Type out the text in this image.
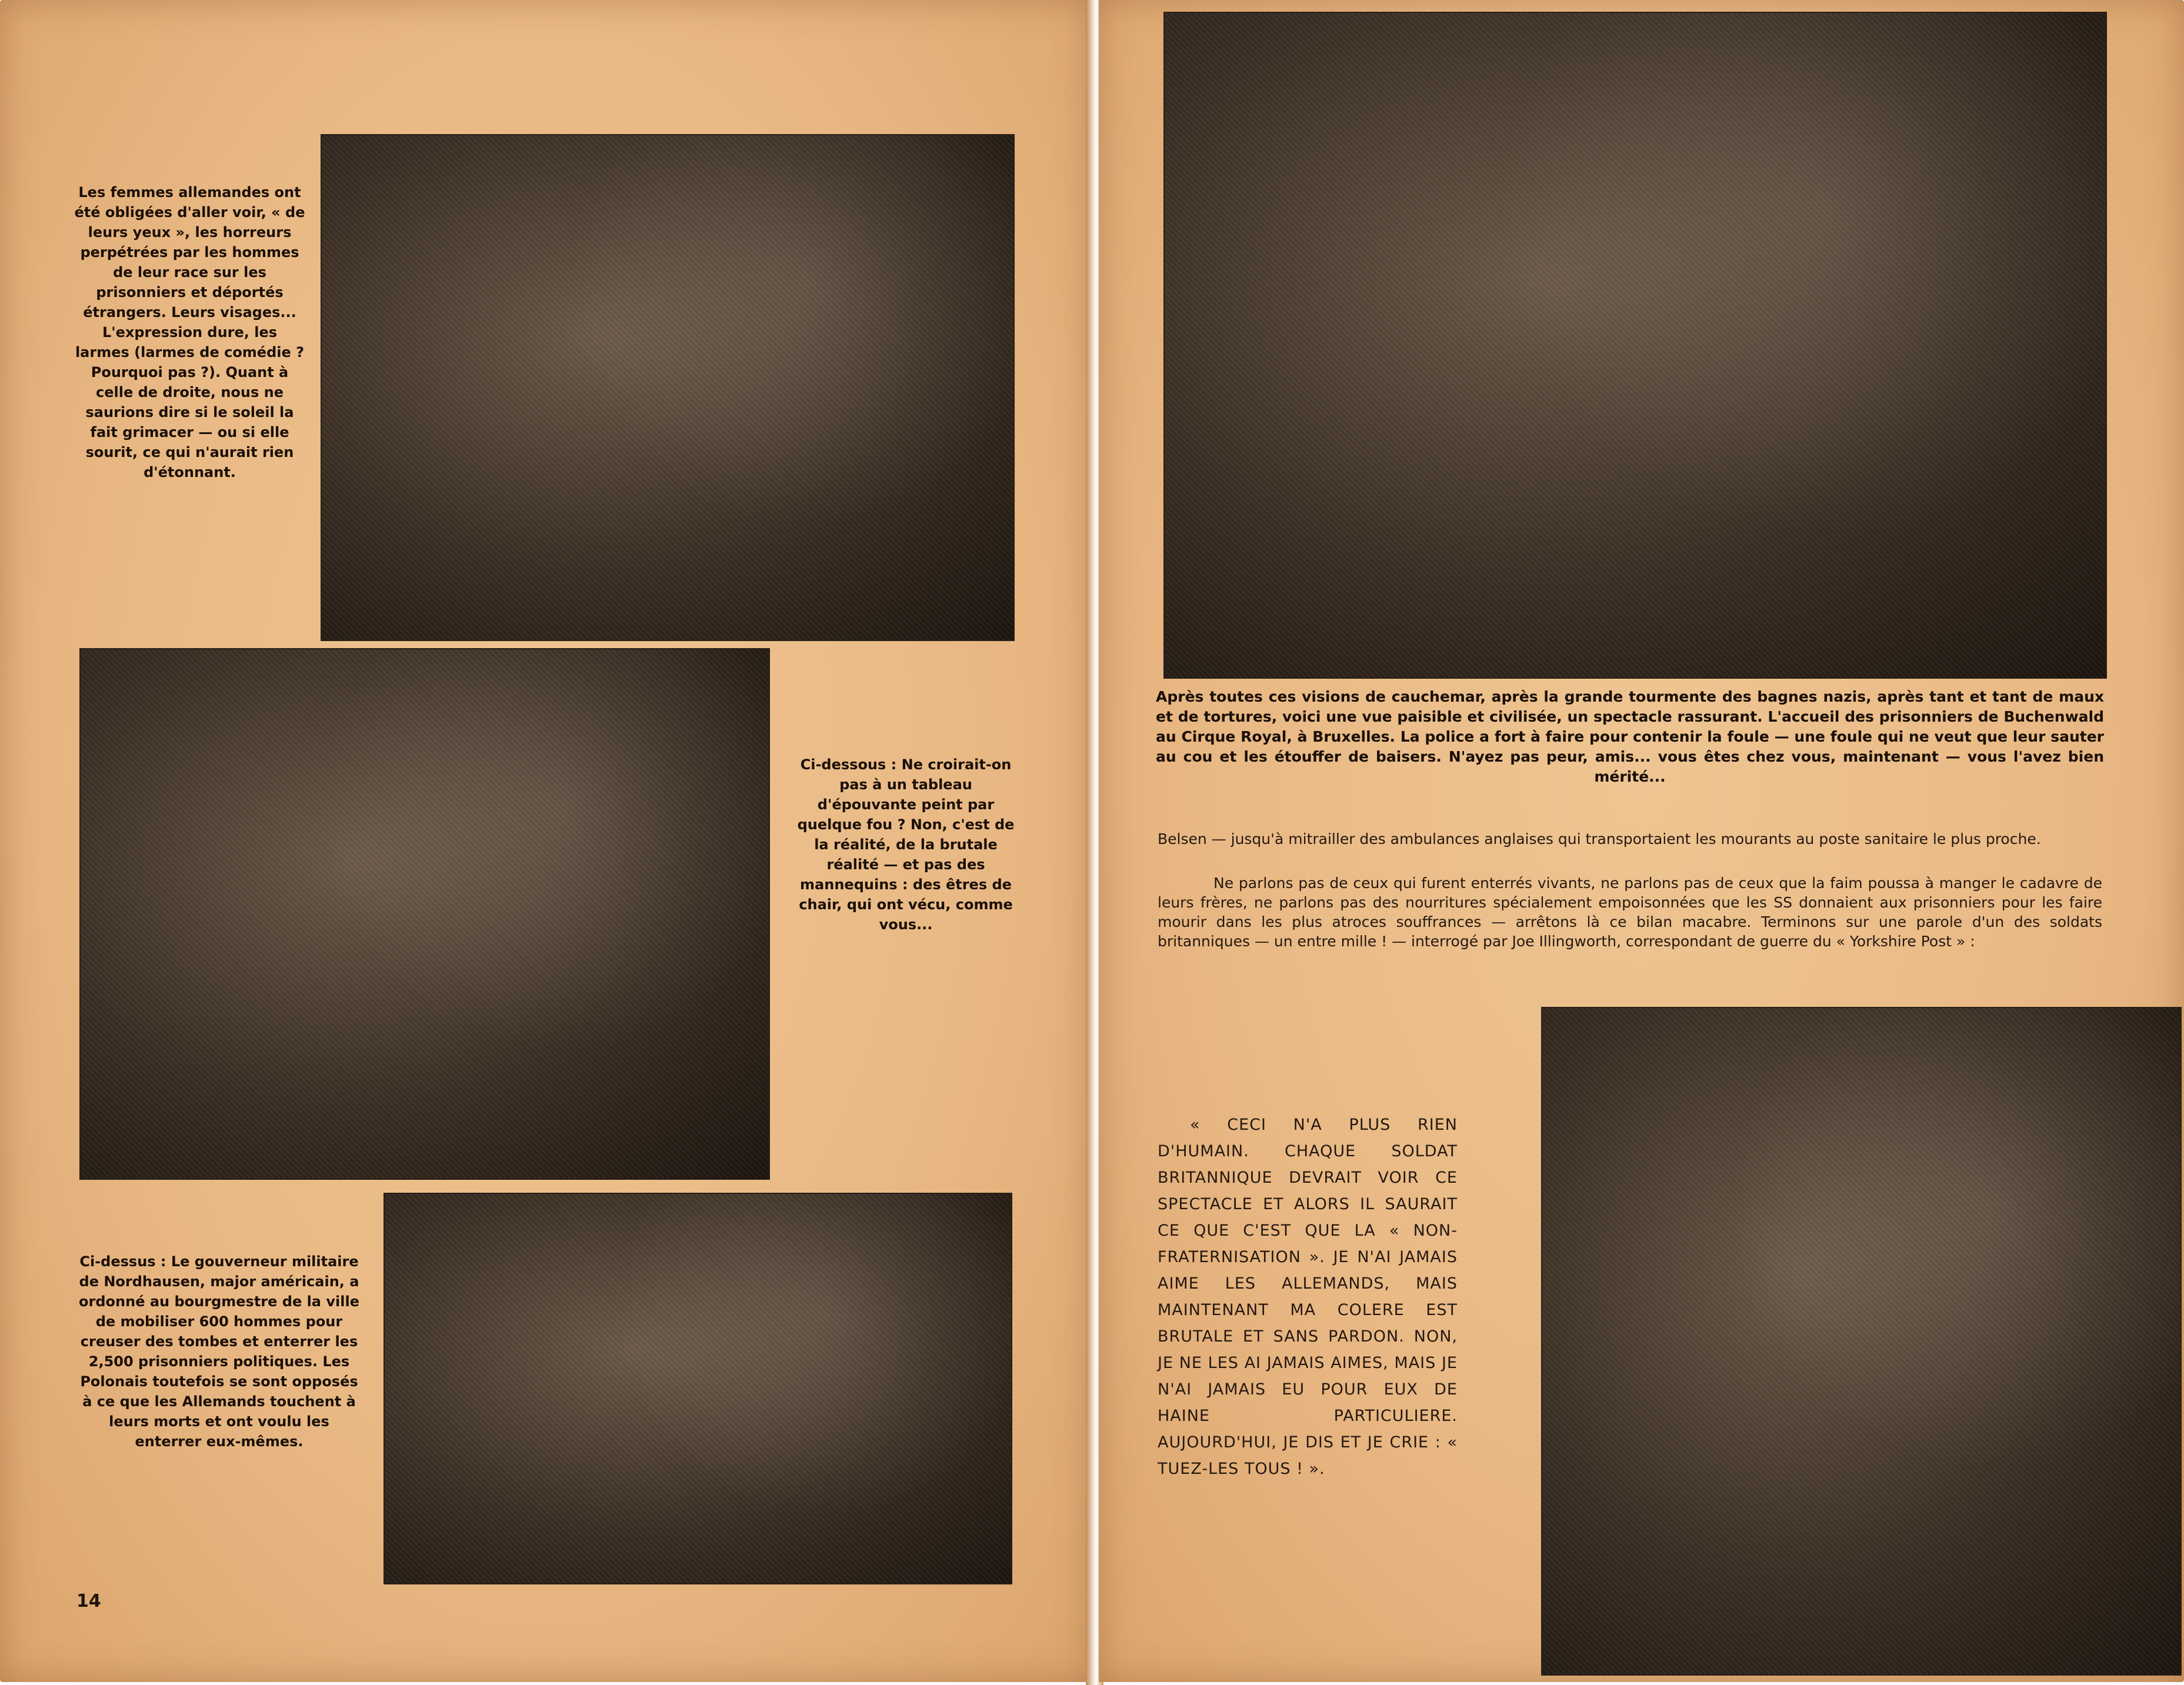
Les femmes allemandes ont été obligées d'aller voir, « de leurs yeux », les horreurs perpétrées par les hommes de leur race sur les prisonniers et déportés étrangers. Leurs visages... L'expression dure, les larmes (larmes de comédie ? Pourquoi pas ?). Quant à celle de droite, nous ne saurions dire si le soleil la fait grimacer — ou si elle sourit, ce qui n'aurait rien d'étonnant.
Ci-dessous : Ne croirait-on pas à un tableau d'épouvante peint par quelque fou ? Non, c'est de la réalité, de la brutale réalité — et pas des mannequins : des êtres de chair, qui ont vécu, comme vous...
Ci-dessus : Le gouverneur militaire de Nordhausen, major américain, a ordonné au bourgmestre de la ville de mobiliser 600 hommes pour creuser des tombes et enterrer les 2,500 prisonniers politiques. Les Polonais toutefois se sont opposés à ce que les Allemands touchent à leurs morts et ont voulu les enterrer eux-mêmes.
14
Après toutes ces visions de cauchemar, après la grande tourmente des bagnes nazis, après tant et tant de maux et de tortures, voici une vue paisible et civilisée, un spectacle rassurant. L'accueil des prisonniers de Buchenwald au Cirque Royal, à Bruxelles. La police a fort à faire pour contenir la foule — une foule qui ne veut que leur sauter au cou et les étouffer de baisers. N'ayez pas peur, amis... vous êtes chez vous, maintenant — vous l'avez bien mérité...
Belsen — jusqu'à mitrailler des ambulances anglaises qui transportaient les mourants au poste sanitaire le plus proche.
Ne parlons pas de ceux qui furent enterrés vivants, ne parlons pas de ceux que la faim poussa à manger le cadavre de leurs frères, ne parlons pas des nourritures spécialement empoisonnées que les SS donnaient aux prisonniers pour les faire mourir dans les plus atroces souffrances — arrêtons là ce bilan macabre. Terminons sur une parole d'un des soldats britanniques — un entre mille ! — interrogé par Joe Illingworth, correspondant de guerre du « Yorkshire Post » :
« CECI N'A PLUS RIEN D'HUMAIN. CHAQUE SOLDAT BRITANNIQUE DEVRAIT VOIR CE SPECTACLE ET ALORS IL SAURAIT CE QUE C'EST QUE LA « NON-FRATERNISATION ». JE N'AI JAMAIS AIME LES ALLEMANDS, MAIS MAINTENANT MA COLERE EST BRUTALE ET SANS PARDON. NON, JE NE LES AI JAMAIS AIMES, MAIS JE N'AI JAMAIS EU POUR EUX DE HAINE PARTICULIERE. AUJOURD'HUI, JE DIS ET JE CRIE : « TUEZ-LES TOUS ! ».
